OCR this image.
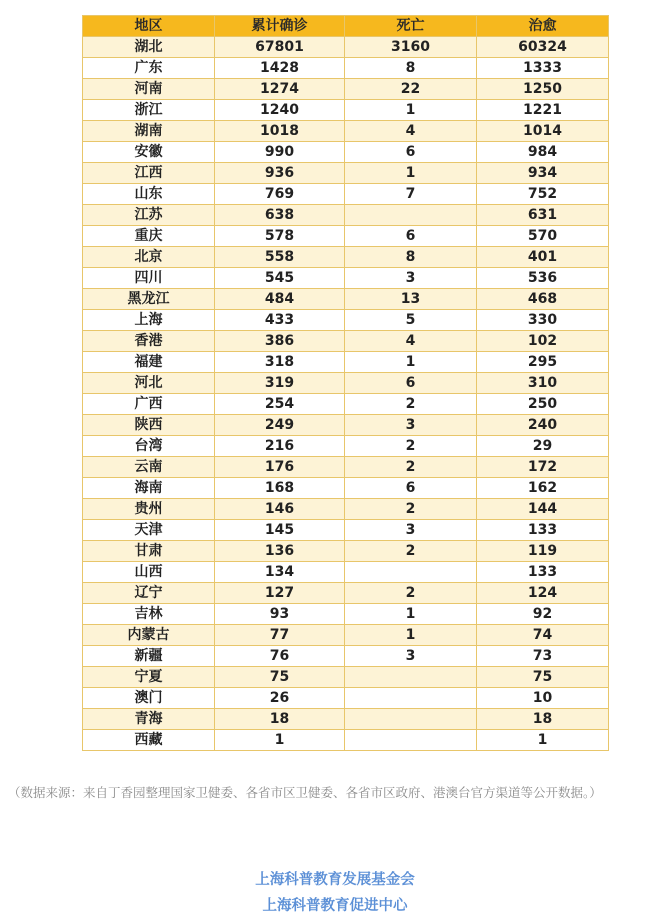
地区	累计确诊	死亡	治愈
湖北	67801	3160	60324
广东	1428	8	1333
河南	1274	22	1250
浙江	1240	1	1221
湖南	1018	4	1014
安徽	990	6	984
江西	936	1	934
山东	769	7	752
江苏	638		631
重庆	578	6	570
北京	558	8	401
四川	545	3	536
黑龙江	484	13	468
上海	433	5	330
香港	386	4	102
福建	318	1	295
河北	319	6	310
广西	254	2	250
陕西	249	3	240
台湾	216	2	29
云南	176	2	172
海南	168	6	162
贵州	146	2	144
天津	145	3	133
甘肃	136	2	119
山西	134		133
辽宁	127	2	124
吉林	93	1	92
内蒙古	77	1	74
新疆	76	3	73
宁夏	75		75
澳门	26		10
青海	18		18
西藏	1		1
（数据来源：来自丁香园整理国家卫健委、各省市区卫健委、各省市区政府、港澳台官方渠道等公开数据。）
上海科普教育发展基金会
上海科普教育促进中心
